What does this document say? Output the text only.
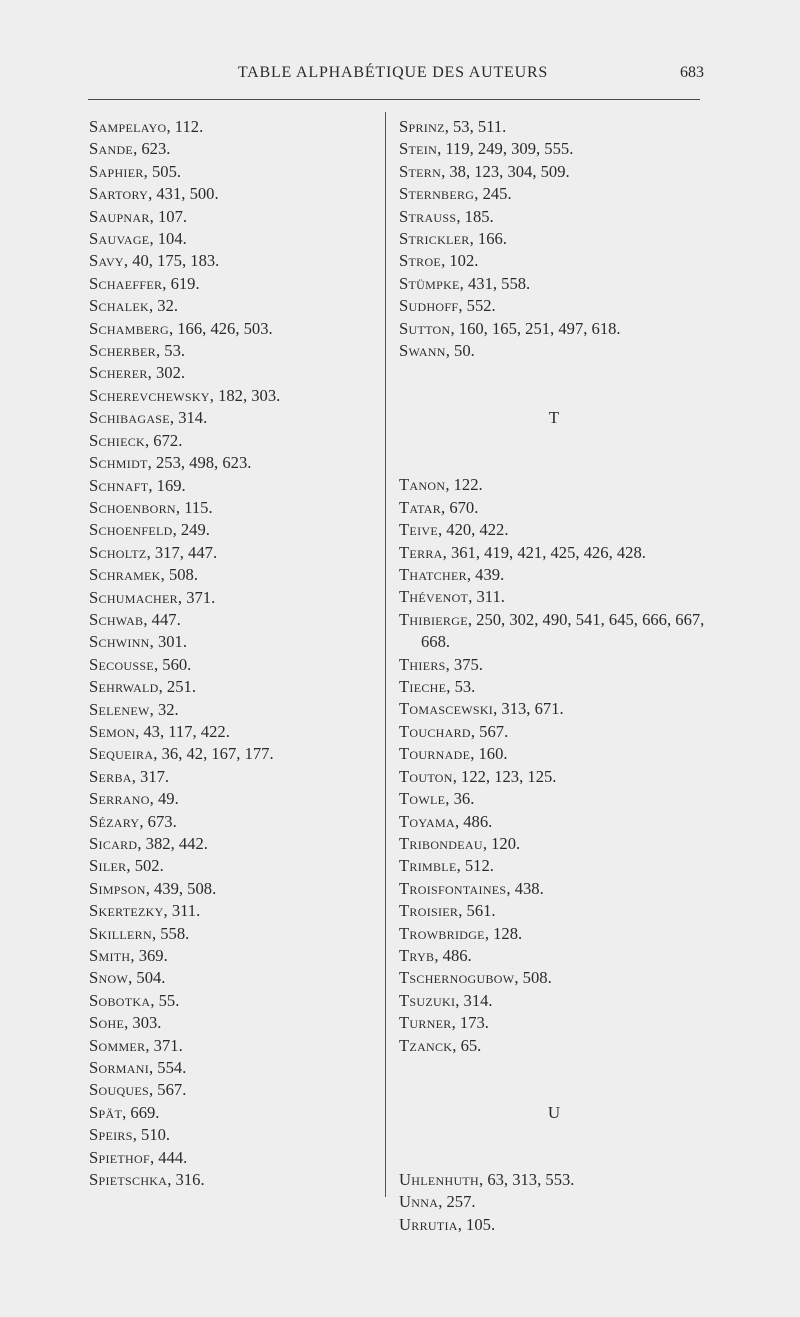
TABLE ALPHABÉTIQUE DES AUTEURS	683
Sampelayo, 112.
Sande, 623.
Saphier, 505.
Sartory, 431, 500.
Saupnar, 107.
Sauvage, 104.
Savy, 40, 175, 183.
Schaeffer, 619.
Schalek, 32.
Schamberg, 166, 426, 503.
Scherber, 53.
Scherer, 302.
Scherevchewsky, 182, 303.
Schibagase, 314.
Schieck, 672.
Schmidt, 253, 498, 623.
Schnaft, 169.
Schoenborn, 115.
Schoenfeld, 249.
Scholtz, 317, 447.
Schramek, 508.
Schumacher, 371.
Schwab, 447.
Schwinn, 301.
Secousse, 560.
Sehrwald, 251.
Selenew, 32.
Semon, 43, 117, 422.
Sequeira, 36, 42, 167, 177.
Serba, 317.
Serrano, 49.
Sézary, 673.
Sicard, 382, 442.
Siler, 502.
Simpson, 439, 508.
Skertezky, 311.
Skillern, 558.
Smith, 369.
Snow, 504.
Sobotka, 55.
Sohe, 303.
Sommer, 371.
Sormani, 554.
Souques, 567.
Spät, 669.
Speirs, 510.
Spiethof, 444.
Spietschka, 316.
Sprinz, 53, 511.
Stein, 119, 249, 309, 555.
Stern, 38, 123, 304, 509.
Sternberg, 245.
Strauss, 185.
Strickler, 166.
Stroe, 102.
Stümpke, 431, 558.
Sudhoff, 552.
Sutton, 160, 165, 251, 497, 618.
Swann, 50.
T
Tanon, 122.
Tatar, 670.
Teive, 420, 422.
Terra, 361, 419, 421, 425, 426, 428.
Thatcher, 439.
Thévenot, 311.
Thibierge, 250, 302, 490, 541, 645, 666, 667, 668.
Thiers, 375.
Tieche, 53.
Tomascewski, 313, 671.
Touchard, 567.
Tournade, 160.
Touton, 122, 123, 125.
Towle, 36.
Toyama, 486.
Tribondeau, 120.
Trimble, 512.
Troisfontaines, 438.
Troisier, 561.
Trowbridge, 128.
Tryb, 486.
Tschernogubow, 508.
Tsuzuki, 314.
Turner, 173.
Tzanck, 65.
U
Uhlenhuth, 63, 313, 553.
Unna, 257.
Urrutia, 105.
